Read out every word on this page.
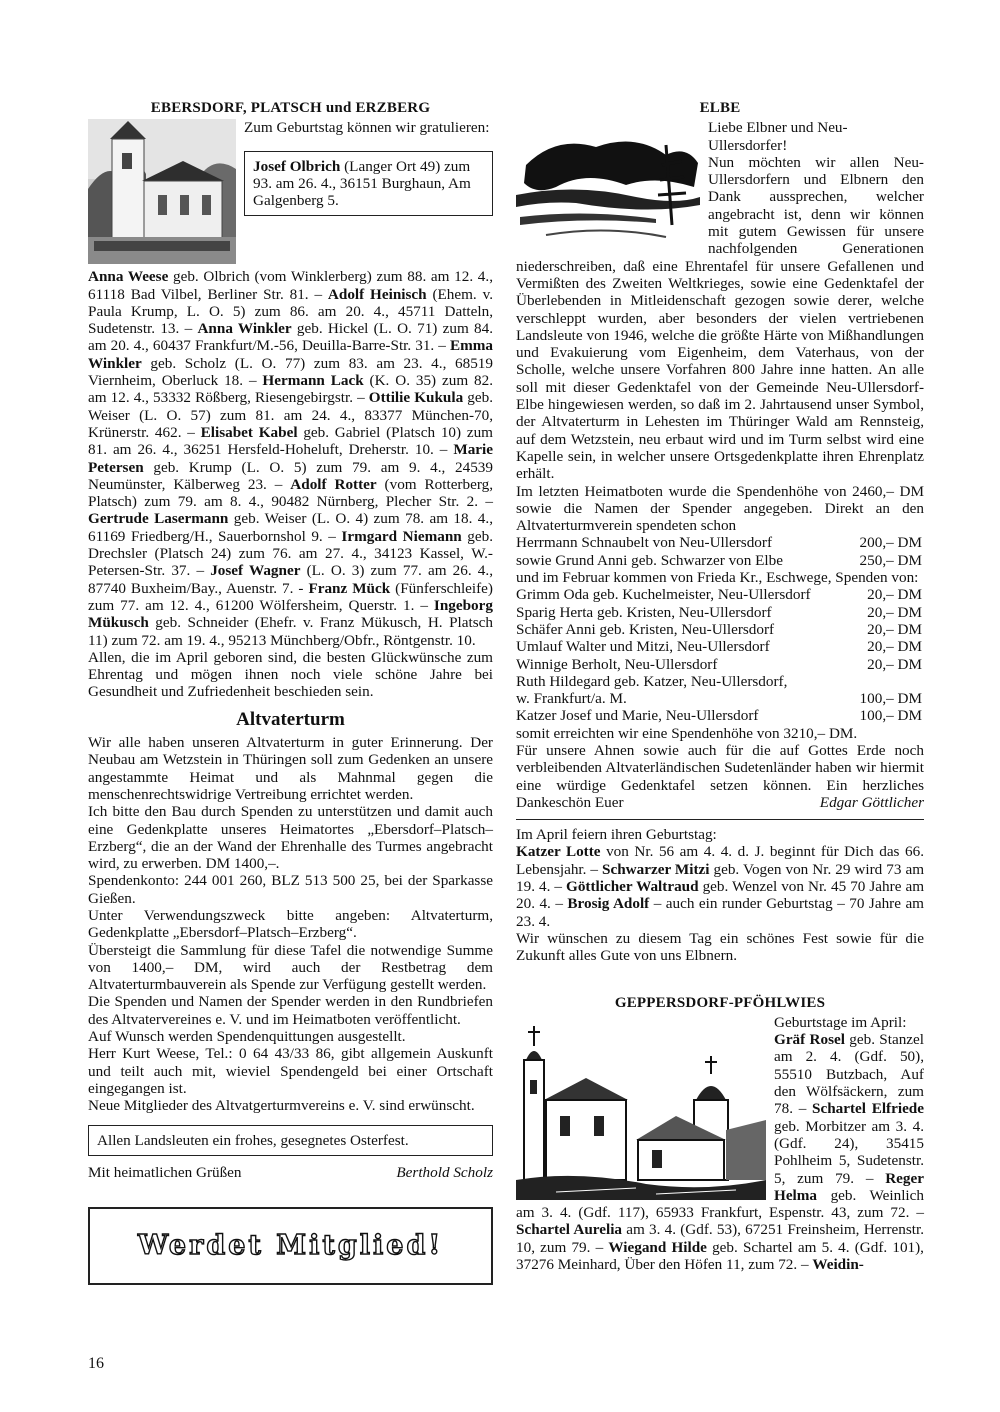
EBERSDORF, PLATSCH und ERZBERG

Zum Geburtstag können wir gratulieren:

Josef Olbrich (Langer Ort 49) zum 93. am 26. 4., 36151 Burghaun, Am Galgenberg 5.

Anna Weese geb. Olbrich (vom Winklerberg) zum 88. am 12. 4., 61118 Bad Vilbel, Berliner Str. 81. – Adolf Heinisch (Ehem. v. Paula Krump, L. O. 5) zum 86. am 20. 4., 45711 Datteln, Sudetenstr. 13. – Anna Winkler geb. Hickel (L. O. 71) zum 84. am 20. 4., 60437 Frankfurt/M.-56, Deuilla-Barre-Str. 31. – Emma Winkler geb. Scholz (L. O. 77) zum 83. am 23. 4., 68519 Viernheim, Oberluck 18. – Hermann Lack (K. O. 35) zum 82. am 12. 4., 53332 Rößberg, Riesengebirgstr. – Ottilie Kukula geb. Weiser (L. O. 57) zum 81. am 24. 4., 83377 München-70, Krünerstr. 462. – Elisabet Kabel geb. Gabriel (Platsch 10) zum 81. am 26. 4., 36251 Hersfeld-Hoheluft, Dreherstr. 10. – Marie Petersen geb. Krump (L. O. 5) zum 79. am 9. 4., 24539 Neumünster, Kälberweg 23. – Adolf Rotter (vom Rotterberg, Platsch) zum 79. am 8. 4., 90482 Nürnberg, Plecher Str. 2. – Gertrude Lasermann geb. Weiser (L. O. 4) zum 78. am 18. 4., 61169 Friedberg/H., Sauerbornshol 9. – Irmgard Niemann geb. Drechsler (Platsch 24) zum 76. am 27. 4., 34123 Kassel, W.-Petersen-Str. 37. – Josef Wagner (L. O. 3) zum 77. am 26. 4., 87740 Buxheim/Bay., Auenstr. 7. - Franz Mück (Fünferschleife) zum 77. am 12. 4., 61200 Wölfersheim, Querstr. 1. – Ingeborg Mükusch geb. Schneider (Ehefr. v. Franz Mükusch, H. Platsch 11) zum 72. am 19. 4., 95213 Münchberg/Obfr., Röntgenstr. 10.

Allen, die im April geboren sind, die besten Glückwünsche zum Ehrentag und mögen ihnen noch viele schöne Jahre bei Gesundheit und Zufriedenheit beschieden sein.

Altvaterturm

Wir alle haben unseren Altvaterturm in guter Erinnerung. Der Neubau am Wetzstein in Thüringen soll zum Gedenken an unsere angestammte Heimat und als Mahnmal gegen die menschenrechtswidrige Vertreibung errichtet werden.

Ich bitte den Bau durch Spenden zu unterstützen und damit auch eine Gedenkplatte unseres Heimatortes „Ebersdorf–Platsch–Erzberg“, die an der Wand der Ehrenhalle des Turmes angebracht wird, zu erwerben. DM 1400,–.

Spendenkonto: 244 001 260, BLZ 513 500 25, bei der Sparkasse Gießen.

Unter Verwendungszweck bitte angeben: Altvaterturm, Gedenkplatte „Ebersdorf–Platsch–Erzberg“.

Übersteigt die Sammlung für diese Tafel die notwendige Summe von 1400,– DM, wird auch der Restbetrag dem Altvaterturmbauverein als Spende zur Verfügung gestellt werden.

Die Spenden und Namen der Spender werden in den Rundbriefen des Altvatervereines e. V. und im Heimatboten veröffentlicht.

Auf Wunsch werden Spendenquittungen ausgestellt.

Herr Kurt Weese, Tel.: 0 64 43/33 86, gibt allgemein Auskunft und teilt auch mit, wieviel Spendengeld bei einer Ortschaft eingegangen ist.

Neue Mitglieder des Altvatgerturmvereins e. V. sind erwünscht.

Allen Landsleuten ein frohes, gesegnetes Osterfest.
Mit heimatlichen Grüßen	Berthold Scholz
Werdet Mitglied!
ELBE

Liebe Elbner und Neu-Ullersdorfer!

Nun möchten wir allen Neu-Ullersdorfern und Elbnern den Dank aussprechen, welcher angebracht ist, denn wir können mit gutem Gewissen für unsere nachfolgenden Generationen niederschreiben, daß eine Ehrentafel für unsere Gefallenen und Vermißten des Zweiten Weltkrieges, sowie eine Gedenktafel der Überlebenden in Mitleidenschaft gezogen sowie derer, welche verschleppt wurden, aber besonders der vielen vertriebenen Landsleute von 1946, welche die größte Härte von Mißhandlungen und Evakuierung vom Eigenheim, dem Vaterhaus, von der Scholle, welche unsere Vorfahren 800 Jahre inne hatten. An alle soll mit dieser Gedenktafel von der Gemeinde Neu-Ullersdorf-Elbe hingewiesen werden, so daß im 2. Jahrtausend unser Symbol, der Altvaterturm in Lehesten im Thüringer Wald am Rennsteig, auf dem Wetzstein, neu erbaut wird und im Turm selbst wird eine Kapelle sein, in welcher unsere Ortsgedenkplatte ihren Ehrenplatz erhält.

Im letzten Heimatboten wurde die Spendenhöhe von 2460,– DM sowie die Namen der Spender angegeben. Direkt an den Altvaterturmverein spendeten schon

Herrmann Schnaubelt von Neu-Ullersdorf	200,– DM
sowie Grund Anni geb. Schwarzer von Elbe	250,– DM

und im Februar kommen von Frieda Kr., Eschwege, Spenden von:

Grimm Oda geb. Kuchelmeister, Neu-Ullersdorf	20,– DM
Sparig Herta geb. Kristen, Neu-Ullersdorf	20,– DM
Schäfer Anni geb. Kristen, Neu-Ullersdorf	20,– DM
Umlauf Walter und Mitzi, Neu-Ullersdorf	20,– DM
Winnige Berholt, Neu-Ullersdorf	20,– DM
Ruth Hildegard geb. Katzer, Neu-Ullersdorf,
w. Frankfurt/a. M.	100,– DM
Katzer Josef und Marie, Neu-Ullersdorf	100,– DM

somit erreichten wir eine Spendenhöhe von 3210,– DM.

Für unsere Ahnen sowie auch für die auf Gottes Erde noch verbleibenden Altvaterländischen Sudetenländer haben wir hiermit eine würdige Gedenktafel setzen können. Ein herzliches Dankeschön Euer	Edgar Göttlicher

Im April feiern ihren Geburtstag:

Katzer Lotte von Nr. 56 am 4. 4. d. J. beginnt für Dich das 66. Lebensjahr. – Schwarzer Mitzi geb. Vogen von Nr. 29 wird 73 am 19. 4. – Göttlicher Waltraud geb. Wenzel von Nr. 45 70 Jahre am 20. 4. – Brosig Adolf – auch ein runder Geburtstag – 70 Jahre am 23. 4.

Wir wünschen zu diesem Tag ein schönes Fest sowie für die Zukunft alles Gute von uns Elbnern.

GEPPERSDORF-PFÖHLWIES

Geburtstage im April:

Gräf Rosel geb. Stanzel am 2. 4. (Gdf. 50), 55510 Butzbach, Auf den Wölfsäckern, zum 78. – Schartel Elfriede geb. Morbitzer am 3. 4. (Gdf. 24), 35415 Pohlheim 5, Sudetenstr. 5, zum 79. – Reger Helma geb. Weinlich am 3. 4. (Gdf. 117), 65933 Frankfurt, Espenstr. 43, zum 72. – Schartel Aurelia am 3. 4. (Gdf. 53), 67251 Freinsheim, Herrenstr. 10, zum 79. – Wiegand Hilde geb. Schartel am 5. 4. (Gdf. 101), 37276 Meinhard, Über den Höfen 11, zum 72. – Weidin-

16
